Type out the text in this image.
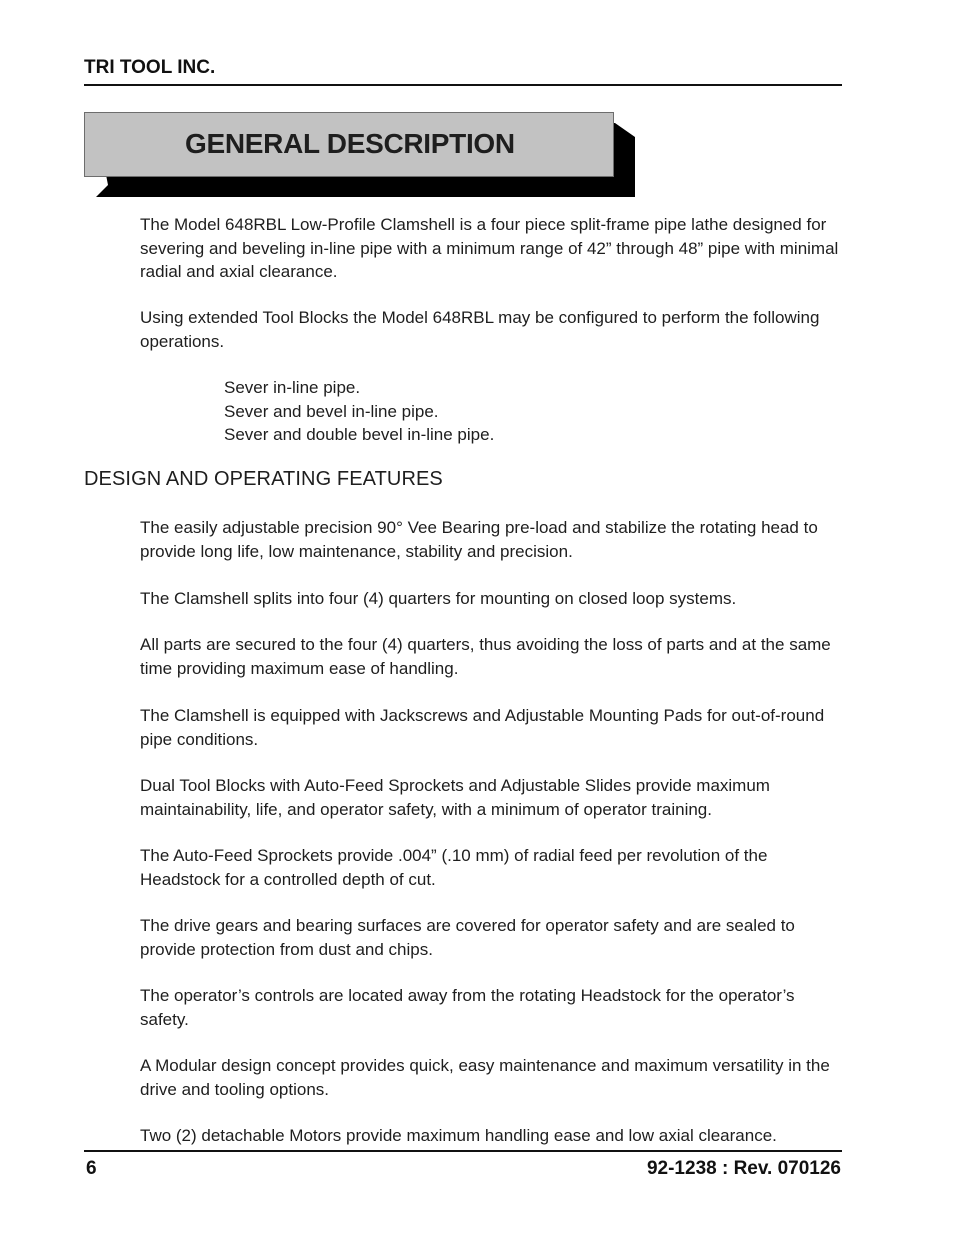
TRI TOOL INC.
GENERAL DESCRIPTION

The Model 648RBL Low-Profile Clamshell is a four piece split-frame pipe lathe designed for severing and beveling in-line pipe with a minimum range of 42” through 48” pipe with minimal radial and axial clearance.

Using extended Tool Blocks the Model 648RBL may be configured to perform the following operations.

Sever in-line pipe.
Sever and bevel in-line pipe.
Sever and double bevel in-line pipe.
DESIGN AND OPERATING FEATURES

The easily adjustable precision 90° Vee Bearing pre-load and stabilize the rotating head to provide long life, low maintenance, stability and precision.

The Clamshell splits into four (4) quarters for mounting on closed loop systems.

All parts are secured to the four (4) quarters, thus avoiding the loss of parts and at the same time providing maximum ease of handling.

The Clamshell is equipped with Jackscrews and Adjustable Mounting Pads for out-of-round pipe conditions.

Dual Tool Blocks with Auto-Feed Sprockets and Adjustable Slides provide maximum maintainability, life, and operator safety, with a minimum of operator training.

The Auto-Feed Sprockets provide .004” (.10 mm) of radial feed per revolution of the Headstock for a controlled depth of cut.

The drive gears and bearing surfaces are covered for operator safety and are sealed to provide protection from dust and chips.

The operator’s controls are located away from the rotating Headstock for the operator’s safety.

A Modular design concept provides quick, easy maintenance and maximum versatility in the drive and tooling options.

Two (2) detachable Motors provide maximum handling ease and low axial clearance.

6	92-1238 : Rev. 070126
